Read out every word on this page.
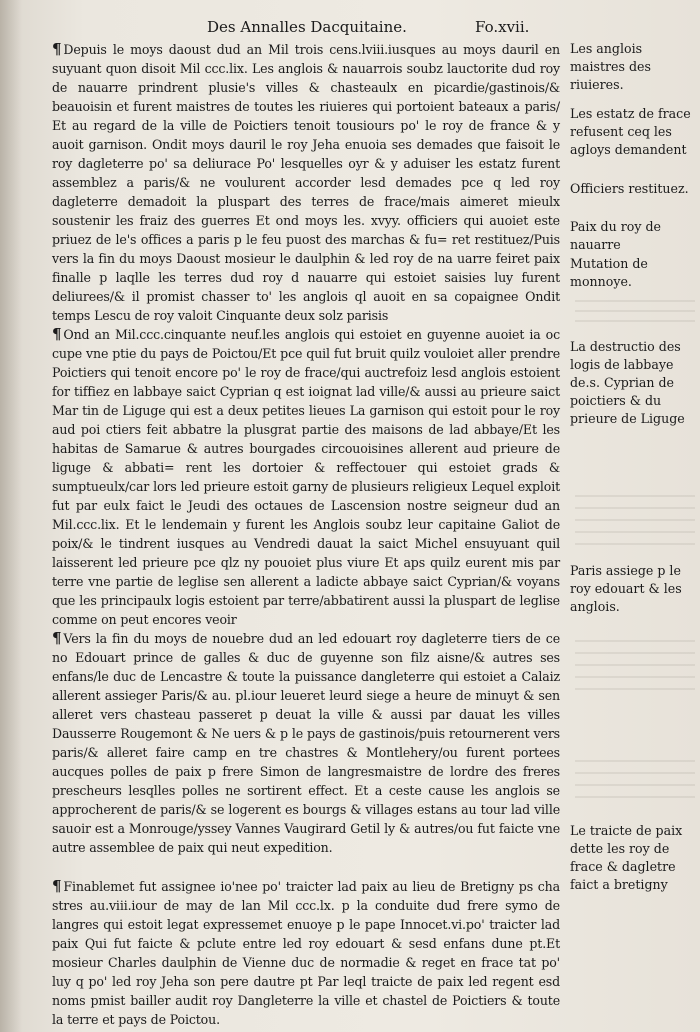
Des Annalles Dacquitaine.	Fo.xvii.

¶ Depuis le moys daoust dud an Mil trois cens.lviii.iusques au moys dauril en suyuant quon disoit Mil ccc.lix. Les anglois & nauarrois soubz lauctorite dud roy de nauarre prindrent plusie's villes & chasteaulx en picardie/gastinois/& beauoisin et furent maistres de toutes les riuieres qui portoient bateaux a paris/ Et au regard de la ville de Poictiers tenoit tousiours po' le roy de france & y auoit garnison. Ondit moys dauril le roy Jeha enuoia ses demades que faisoit le roy dagleterre po' sa deliurace Po' lesquelles oyr & y aduiser les estatz furent assemblez a paris/& ne voulurent accorder lesd demades pce q led roy dagleterre demadoit la pluspart des terres de frace/mais aimeret mieulx soustenir les fraiz des guerres Et ond moys les. xvyy. officiers qui auoiet este priuez de le's offices a paris p le feu puost des marchas & fu= ret restituez/Puis vers la fin du moys Daoust mosieur le daulphin & led roy de na uarre feiret paix finalle p laqlle les terres dud roy d nauarre qui estoiet saisies luy furent deliurees/& il promist chasser to' les anglois ql auoit en sa copaignee Ondit temps Lescu de roy valoit Cinquante deux solz parisis

¶ Ond an Mil.ccc.cinquante neuf.les anglois qui estoiet en guyenne auoiet ia oc cupe vne ptie du pays de Poictou/Et pce quil fut bruit quilz vouloiet aller prendre Poictiers qui tenoit encore po' le roy de frace/qui auctrefoiz lesd anglois estoient for tiffiez en labbaye saict Cyprian q est ioignat lad ville/& aussi au prieure saict Mar tin de Liguge qui est a deux petites lieues La garnison qui estoit pour le roy aud poi ctiers feit abbatre la plusgrat partie des maisons de lad abbaye/Et les habitas de Samarue & autres bourgades circouoisines allerent aud prieure de liguge & abbati= rent les dortoier & reffectouer qui estoiet grads & sumptueulx/car lors led prieure estoit garny de plusieurs religieux Lequel exploit fut par eulx faict le Jeudi des octaues de Lascension nostre seigneur dud an Mil.ccc.lix. Et le lendemain y furent les Anglois soubz leur capitaine Galiot de poix/& le tindrent iusques au Vendredi dauat la saict Michel ensuyuant quil laisserent led prieure pce qlz ny pouoiet plus viure Et aps quilz eurent mis par terre vne partie de leglise sen allerent a ladicte abbaye saict Cyprian/& voyans que les principaulx logis estoient par terre/abbatirent aussi la pluspart de leglise comme on peut encores veoir

¶ Vers la fin du moys de nouebre dud an led edouart roy dagleterre tiers de ce no Edouart prince de galles & duc de guyenne son filz aisne/& autres ses enfans/le duc de Lencastre & toute la puissance dangleterre qui estoiet a Calaiz allerent assieger Paris/& au. pl.iour leueret leurd siege a heure de minuyt & sen alleret vers chasteau passeret p deuat la ville & aussi par dauat les villes Dausserre Rougemont & Ne uers & p le pays de gastinois/puis retournerent vers paris/& alleret faire camp en tre chastres & Montlehery/ou furent portees aucques polles de paix p frere Simon de langresmaistre de lordre des freres prescheurs lesqlles polles ne sortirent effect. Et a ceste cause les anglois se approcherent de paris/& se logerent es bourgs & villages estans au tour lad ville sauoir est a Monrouge/yssey Vannes Vaugirard Getil ly & autres/ou fut faicte vne autre assemblee de paix qui neut expedition.

¶ Finablemet fut assignee io'nee po' traicter lad paix au lieu de Bretigny ps cha stres au.viii.iour de may de lan Mil ccc.lx. p la conduite dud frere symo de langres qui estoit legat expressemet enuoye p le pape Innocet.vi.po' traicter lad paix Qui fut faicte & pclute entre led roy edouart & sesd enfans dune pt.Et mosieur Charles daulphin de Vienne duc de normadie & reget en frace tat po' luy q po' led roy Jeha son pere dautre pt Par leql traicte de paix led regent esd noms pmist bailler audit roy Dangleterre la ville et chastel de Poictiers & toute la terre et pays de Poictou.

Les anglois maistres des riuieres.

Les estatz de frace refusent ceq les agloys demandent

Officiers restituez.

Paix du roy de nauarre

Mutation de monnoye.

La destructio des logis de labbaye de.s. Cyprian de poictiers & du prieure de Liguge

Paris assiege p le roy edouart & les anglois.

Le traicte de paix dette les roy de frace & dagletre faict a bretigny
